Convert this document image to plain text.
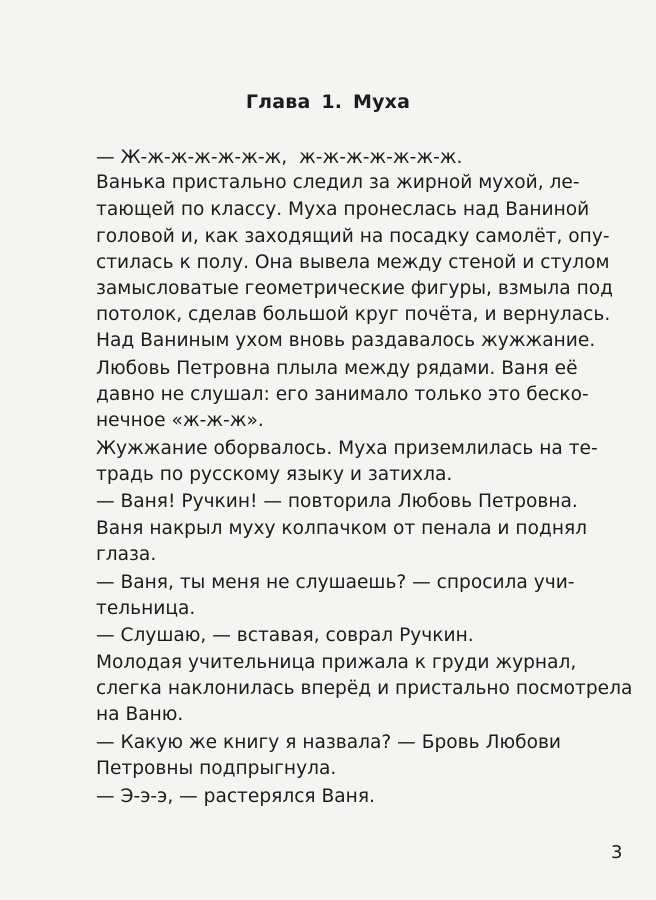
Глава 1. Муха
— Ж-ж-ж-ж-ж-ж-ж,  ж-ж-ж-ж-ж-ж-ж.
Ванька пристально следил за жирной мухой, ле-
тающей по классу. Муха пронеслась над Ваниной
головой и, как заходящий на посадку самолёт, опу-
стилась к полу. Она вывела между стеной и стулом
замысловатые геометрические фигуры, взмыла под
потолок, сделав большой круг почёта, и вернулась.
Над Ваниным ухом вновь раздавалось жужжание.
Любовь Петровна плыла между рядами. Ваня её
давно не слушал: его занимало только это беско-
нечное «ж-ж-ж».
Жужжание оборвалось. Муха приземлилась на те-
традь по русскому языку и затихла.
— Ваня! Ручкин! — повторила Любовь Петровна.
Ваня накрыл муху колпачком от пенала и поднял
глаза.
— Ваня, ты меня не слушаешь? — спросила учи-
тельница.
— Слушаю, — вставая, соврал Ручкин.
Молодая учительница прижала к груди журнал,
слегка наклонилась вперёд и пристально посмотрела
на Ваню.
— Какую же книгу я назвала? — Бровь Любови
Петровны подпрыгнула.
— Э-э-э, — растерялся Ваня.
3
